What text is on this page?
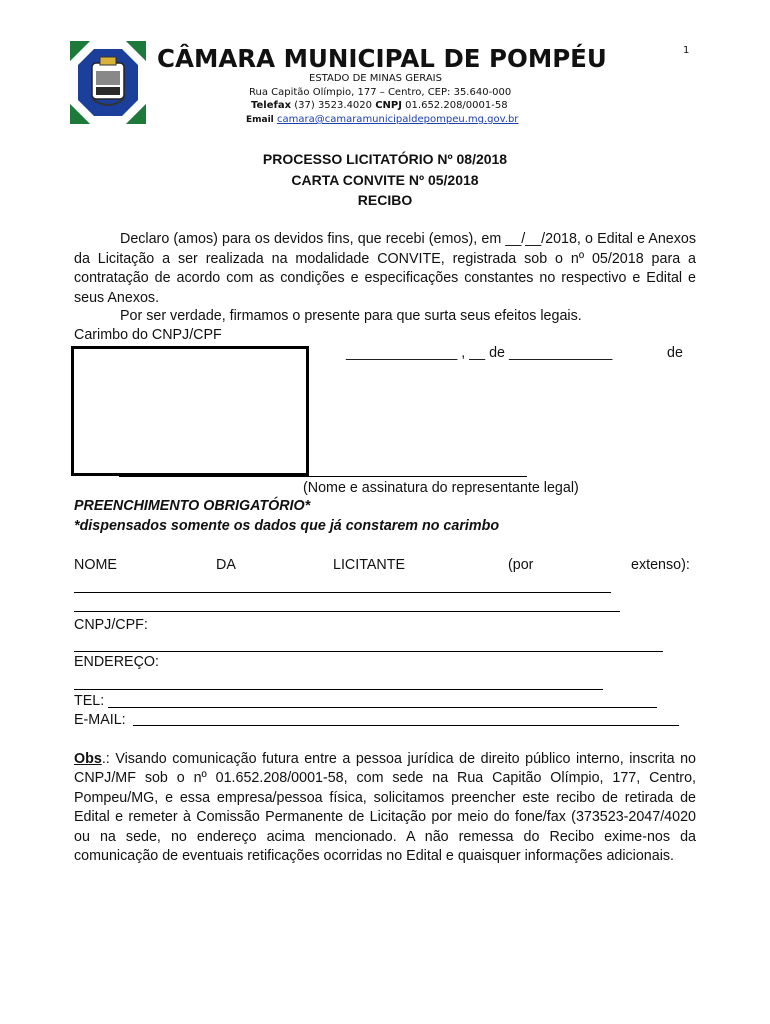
CÂMARA MUNICIPAL DE POMPÉU	1
ESTADO DE MINAS GERAIS
Rua Capitão Olímpio, 177 – Centro, CEP: 35.640-000
Telefax (37) 3523.4020 CNPJ 01.652.208/0001-58
Email camara@camaramunicipaldepompeu.mg.gov.br
PROCESSO LICITATÓRIO Nº 08/2018
CARTA CONVITE Nº 05/2018
RECIBO
Declaro (amos) para os devidos fins, que recebi (emos), em __/__/2018, o Edital e Anexos da Licitação a ser realizada na modalidade CONVITE, registrada sob o nº 05/2018 para a contratação de acordo com as condições e especificações constantes no respectivo e Edital e seus Anexos.
Por ser verdade, firmamos o presente para que surta seus efeitos legais.
Carimbo do CNPJ/CPF
______________ , __ de _____________	de
(Nome e assinatura do representante legal)
PREENCHIMENTO OBRIGATÓRIO*
*dispensados somente os dados que já constarem no carimbo
NOME	DA	LICITANTE	(por	extenso):
CNPJ/CPF:
ENDEREÇO:
TEL:
E-MAIL:
Obs.: Visando comunicação futura entre a pessoa jurídica de direito público interno, inscrita no CNPJ/MF sob o nº 01.652.208/0001-58, com sede na Rua Capitão Olímpio, 177, Centro, Pompeu/MG, e essa empresa/pessoa física, solicitamos preencher este recibo de retirada de Edital e remeter à Comissão Permanente de Licitação por meio do fone/fax (373523-2047/4020 ou na sede, no endereço acima mencionado. A não remessa do Recibo exime-nos da comunicação de eventuais retificações ocorridas no Edital e quaisquer informações adicionais.
